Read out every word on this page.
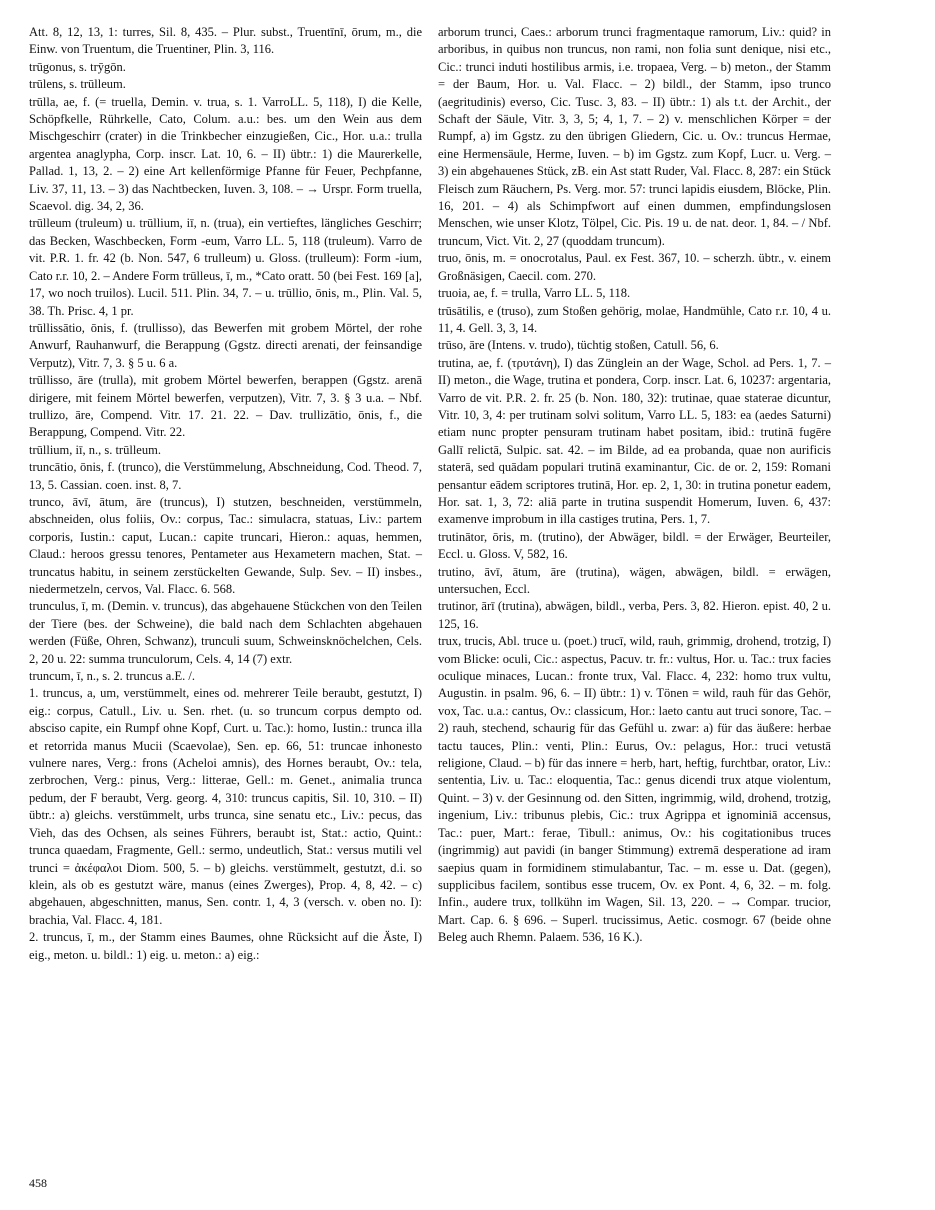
Att. 8, 12, 13, 1: turres, Sil. 8, 435. – Plur. subst., Truentīnī, ōrum, m., die Einw. von Truentum, die Truentiner, Plin. 3, 116.

trūgonus, s. trȳgōn.

trūlens, s. trūlleum.

trūlla, ae, f. (= truella, Demin. v. trua, s. 1. VarroLL. 5, 118), I) die Kelle, Schöpfkelle, Rührkelle, Cato, Colum. a.u.: bes. um den Wein aus dem Mischgeschirr (crater) in die Trinkbecher einzugießen, Cic., Hor. u.a.: trulla argentea anaglypha, Corp. inscr. Lat. 10, 6. – II) übtr.: 1) die Maurerkelle, Pallad. 1, 13, 2. – 2) eine Art kellenförmige Pfanne für Feuer, Pechpfanne, Liv. 37, 11, 13. – 3) das Nachtbecken, Iuven. 3, 108. – → Urspr. Form truella, Scaevol. dig. 34, 2, 36.

trūlleum (truleum) u. trūllium, iī, n. (trua), ein vertieftes, längliches Geschirr; das Becken, Waschbecken, Form -eum, Varro LL. 5, 118 (truleum). Varro de vit. P.R. 1. fr. 42 (b. Non. 547, 6 trulleum) u. Gloss. (trulleum): Form -ium, Cato r.r. 10, 2. – Andere Form trūlleus, ī, m., *Cato oratt. 50 (bei Fest. 169 [a], 17, wo noch truilos). Lucil. 511. Plin. 34, 7. – u. trūllio, ōnis, m., Plin. Val. 5, 38. Th. Prisc. 4, 1 pr.

trūllissātio, ōnis, f. (trullisso), das Bewerfen mit grobem Mörtel, der rohe Anwurf, Rauhanwurf, die Berappung (Ggstz. directi arenati, der feinsandige Verputz), Vitr. 7, 3. § 5 u. 6 a.

trūllisso, āre (trulla), mit grobem Mörtel bewerfen, berappen (Ggstz. arenā dirigere, mit feinem Mörtel bewerfen, verputzen), Vitr. 7, 3. § 3 u.a. – Nbf. trullizo, āre, Compend. Vitr. 17. 21. 22. – Dav. trullizātio, ōnis, f., die Berappung, Compend. Vitr. 22.

trūllium, iī, n., s. trūlleum.

truncātio, ōnis, f. (trunco), die Verstümmelung, Abschneidung, Cod. Theod. 7, 13, 5. Cassian. coen. inst. 8, 7.

trunco, āvī, ātum, āre (truncus), I) stutzen, beschneiden, verstümmeln, abschneiden, olus foliis, Ov.: corpus, Tac.: simulacra, statuas, Liv.: partem corporis, Iustin.: caput, Lucan.: capite truncari, Hieron.: aquas, hemmen, Claud.: heroos gressu tenores, Pentameter aus Hexametern machen, Stat. – truncatus habitu, in seinem zerstückelten Gewande, Sulp. Sev. – II) insbes., niedermetzeln, cervos, Val. Flacc. 6. 568.

trunculus, ī, m. (Demin. v. truncus), das abgehauene Stückchen von den Teilen der Tiere (bes. der Schweine), die bald nach dem Schlachten abgehauen werden (Füße, Ohren, Schwanz), trunculi suum, Schweinsknöchelchen, Cels. 2, 20 u. 22: summa trunculorum, Cels. 4, 14 (7) extr.

truncum, ī, n., s. 2. truncus a.E. /.

1. truncus, a, um, verstümmelt, eines od. mehrerer Teile beraubt, gestutzt, I) eig.: corpus, Catull., Liv. u. Sen. rhet. (u. so truncum corpus dempto od. absciso capite, ein Rumpf ohne Kopf, Curt. u. Tac.): homo, Iustin.: trunca illa et retorrida manus Mucii (Scaevolae), Sen. ep. 66, 51: truncae inhonesto vulnere nares, Verg.: frons (Acheloi amnis), des Hornes beraubt, Ov.: tela, zerbrochen, Verg.: pinus, Verg.: litterae, Gell.: m. Genet., animalia trunca pedum, der F beraubt, Verg. georg. 4, 310: truncus capitis, Sil. 10, 310. – II) übtr.: a) gleichs. verstümmelt, urbs trunca, sine senatu etc., Liv.: pecus, das Vieh, das des Ochsen, als seines Führers, beraubt ist, Stat.: actio, Quint.: trunca quaedam, Fragmente, Gell.: sermo, undeutlich, Stat.: versus mutili vel trunci = ἀκέφαλοι Diom. 500, 5. – b) gleichs. verstümmelt, gestutzt, d.i. so klein, als ob es gestutzt wäre, manus (eines Zwerges), Prop. 4, 8, 42. – c) abgehauen, abgeschnitten, manus, Sen. contr. 1, 4, 3 (versch. v. oben no. I): brachia, Val. Flacc. 4, 181.

2. truncus, ī, m., der Stamm eines Baumes, ohne Rücksicht auf die Äste, I) eig., meton. u. bildl.: 1) eig. u. meton.: a) eig.:

arborum trunci, Caes.: arborum trunci fragmentaque ramorum, Liv.: quid? in arboribus, in quibus non truncus, non rami, non folia sunt denique, nisi etc., Cic.: trunci induti hostilibus armis, i.e. tropaea, Verg. – b) meton., der Stamm = der Baum, Hor. u. Val. Flacc. – 2) bildl., der Stamm, ipso trunco (aegritudinis) everso, Cic. Tusc. 3, 83. – II) übtr.: 1) als t.t. der Archit., der Schaft der Säule, Vitr. 3, 3, 5; 4, 1, 7. – 2) v. menschlichen Körper = der Rumpf, a) im Ggstz. zu den übrigen Gliedern, Cic. u. Ov.: truncus Hermae, eine Hermensäule, Herme, Iuven. – b) im Ggstz. zum Kopf, Lucr. u. Verg. – 3) ein abgehauenes Stück, zB. ein Ast statt Ruder, Val. Flacc. 8, 287: ein Stück Fleisch zum Räuchern, Ps. Verg. mor. 57: trunci lapidis eiusdem, Blöcke, Plin. 16, 201. – 4) als Schimpfwort auf einen dummen, empfindungslosen Menschen, wie unser Klotz, Tölpel, Cic. Pis. 19 u. de nat. deor. 1, 84. – / Nbf. truncum, Vict. Vit. 2, 27 (quoddam truncum).

truo, ōnis, m. = onocrotalus, Paul. ex Fest. 367, 10. – scherzh. übtr., v. einem Großnäsigen, Caecil. com. 270.

truoia, ae, f. = trulla, Varro LL. 5, 118.

trūsātilis, e (truso), zum Stoßen gehörig, molae, Handmühle, Cato r.r. 10, 4 u. 11, 4. Gell. 3, 3, 14.

trūso, āre (Intens. v. trudo), tüchtig stoßen, Catull. 56, 6.

trutina, ae, f. (τρυτάνη), I) das Zünglein an der Wage, Schol. ad Pers. 1, 7. – II) meton., die Wage, trutina et pondera, Corp. inscr. Lat. 6, 10237: argentaria, Varro de vit. P.R. 2. fr. 25 (b. Non. 180, 32): trutinae, quae staterae dicuntur, Vitr. 10, 3, 4: per trutinam solvi solitum, Varro LL. 5, 183: ea (aedes Saturni) etiam nunc propter pensuram trutinam habet positam, ibid.: trutinā fugēre Gallī relictā, Sulpic. sat. 42. – im Bilde, ad ea probanda, quae non aurificis staterā, sed quādam populari trutinā examinantur, Cic. de or. 2, 159: Romani pensantur eādem scriptores trutinā, Hor. ep. 2, 1, 30: in trutina ponetur eadem, Hor. sat. 1, 3, 72: aliā parte in trutina suspendit Homerum, Iuven. 6, 437: examenve improbum in illa castiges trutina, Pers. 1, 7.

trutinātor, ōris, m. (trutino), der Abwäger, bildl. = der Erwäger, Beurteiler, Eccl. u. Gloss. V, 582, 16.

trutino, āvī, ātum, āre (trutina), wägen, abwägen, bildl. = erwägen, untersuchen, Eccl.

trutinor, ārī (trutina), abwägen, bildl., verba, Pers. 3, 82. Hieron. epist. 40, 2 u. 125, 16.

trux, trucis, Abl. truce u. (poet.) trucī, wild, rauh, grimmig, drohend, trotzig, I) vom Blicke: oculi, Cic.: aspectus, Pacuv. tr. fr.: vultus, Hor. u. Tac.: trux facies oculique minaces, Lucan.: fronte trux, Val. Flacc. 4, 232: homo trux vultu, Augustin. in psalm. 96, 6. – II) übtr.: 1) v. Tönen = wild, rauh für das Gehör, vox, Tac. u.a.: cantus, Ov.: classicum, Hor.: laeto cantu aut truci sonore, Tac. – 2) rauh, stechend, schaurig für das Gefühl u. zwar: a) für das äußere: herbae tactu tauces, Plin.: venti, Plin.: Eurus, Ov.: pelagus, Hor.: truci vetustā religione, Claud. – b) für das innere = herb, hart, heftig, furchtbar, orator, Liv.: sententia, Liv. u. Tac.: eloquentia, Tac.: genus dicendi trux atque violentum, Quint. – 3) v. der Gesinnung od. den Sitten, ingrimmig, wild, drohend, trotzig, ingenium, Liv.: tribunus plebis, Cic.: trux Agrippa et ignominiā accensus, Tac.: puer, Mart.: ferae, Tibull.: animus, Ov.: his cogitationibus truces (ingrimmig) aut pavidi (in banger Stimmung) extremā desperatione ad iram saepius quam in formidinem stimulabantur, Tac. – m. esse u. Dat. (gegen), supplicibus facilem, sontibus esse trucem, Ov. ex Pont. 4, 6, 32. – m. folg. Infin., audere trux, tollkühn im Wagen, Sil. 13, 220. – → Compar. trucior, Mart. Cap. 6. § 696. – Superl. trucissimus, Aetic. cosmogr. 67 (beide ohne Beleg auch Rhemn. Palaem. 536, 16 K.).

458
